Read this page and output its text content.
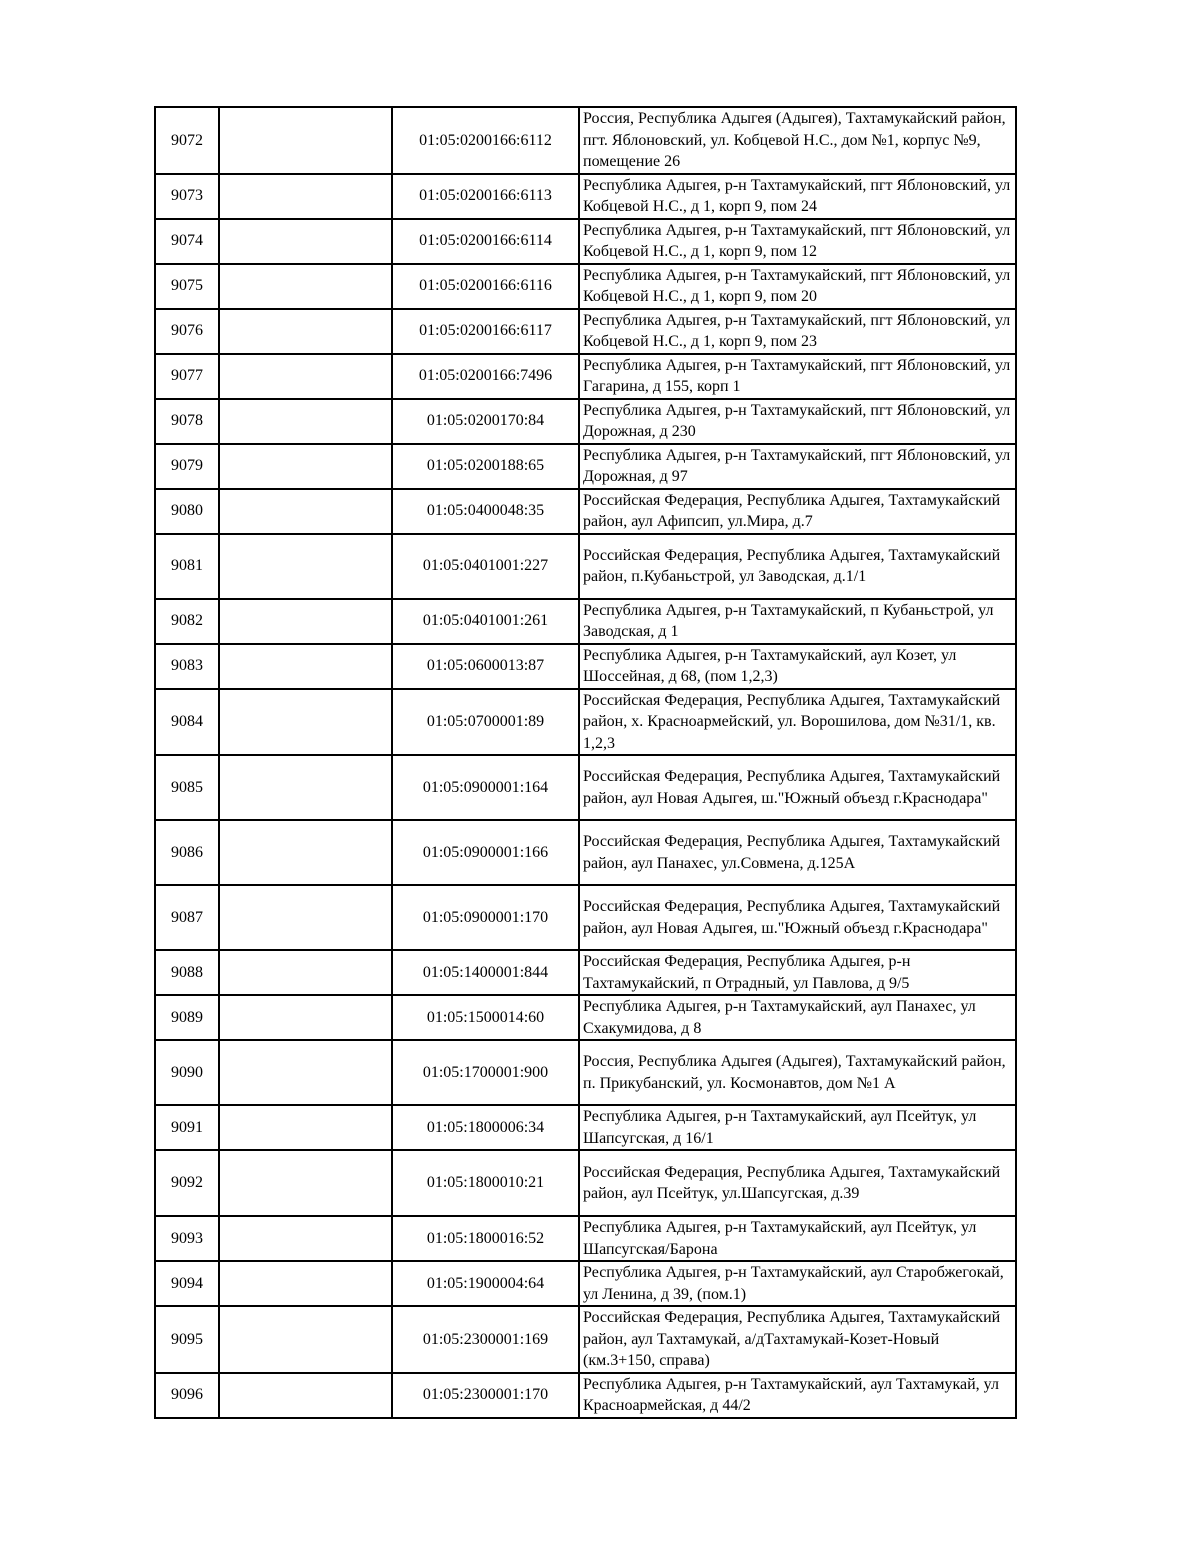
9072		01:05:0200166:6112	Россия, Республика Адыгея (Адыгея), Тахтамукайский район, пгт. Яблоновский, ул. Кобцевой Н.С., дом №1, корпус №9, помещение 26
9073		01:05:0200166:6113	Республика Адыгея, р-н Тахтамукайский, пгт Яблоновский, ул Кобцевой Н.С., д 1, корп 9, пом 24
9074		01:05:0200166:6114	Республика Адыгея, р-н Тахтамукайский, пгт Яблоновский, ул Кобцевой Н.С., д 1, корп 9, пом 12
9075		01:05:0200166:6116	Республика Адыгея, р-н Тахтамукайский, пгт Яблоновский, ул Кобцевой Н.С., д 1, корп 9, пом 20
9076		01:05:0200166:6117	Республика Адыгея, р-н Тахтамукайский, пгт Яблоновский, ул Кобцевой Н.С., д 1, корп 9, пом 23
9077		01:05:0200166:7496	Республика Адыгея, р-н Тахтамукайский, пгт Яблоновский, ул Гагарина, д 155, корп 1
9078		01:05:0200170:84	Республика Адыгея, р-н Тахтамукайский, пгт Яблоновский, ул Дорожная, д 230
9079		01:05:0200188:65	Республика Адыгея, р-н Тахтамукайский, пгт Яблоновский, ул Дорожная, д 97
9080		01:05:0400048:35	Российская Федерация, Республика Адыгея, Тахтамукайский район, аул Афипсип, ул.Мира, д.7
9081		01:05:0401001:227	Российская Федерация, Республика Адыгея, Тахтамукайский район, п.Кубаньстрой, ул Заводская, д.1/1
9082		01:05:0401001:261	Республика Адыгея, р-н Тахтамукайский, п Кубаньстрой, ул Заводская, д 1
9083		01:05:0600013:87	Республика Адыгея, р-н Тахтамукайский, аул Козет, ул Шоссейная, д 68, (пом 1,2,3)
9084		01:05:0700001:89	Российская Федерация, Республика Адыгея, Тахтамукайский район, х. Красноармейский, ул. Ворошилова, дом №31/1, кв. 1,2,3
9085		01:05:0900001:164	Российская Федерация, Республика Адыгея, Тахтамукайский район, аул Новая Адыгея, ш."Южный объезд г.Краснодара"
9086		01:05:0900001:166	Российская Федерация, Республика Адыгея, Тахтамукайский район, аул Панахес, ул.Совмена, д.125А
9087		01:05:0900001:170	Российская Федерация, Республика Адыгея, Тахтамукайский район, аул Новая Адыгея, ш."Южный объезд г.Краснодара"
9088		01:05:1400001:844	Российская Федерация, Республика Адыгея, р-н Тахтамукайский, п Отрадный, ул Павлова, д 9/5
9089		01:05:1500014:60	Республика Адыгея, р-н Тахтамукайский, аул Панахес, ул Схакумидова, д 8
9090		01:05:1700001:900	Россия, Республика Адыгея (Адыгея), Тахтамукайский район, п. Прикубанский, ул. Космонавтов, дом №1 А
9091		01:05:1800006:34	Республика Адыгея, р-н Тахтамукайский, аул Псейтук, ул Шапсугская, д 16/1
9092		01:05:1800010:21	Российская Федерация, Республика Адыгея, Тахтамукайский район, аул Псейтук, ул.Шапсугская, д.39
9093		01:05:1800016:52	Республика Адыгея, р-н Тахтамукайский, аул Псейтук, ул Шапсугская/Барона
9094		01:05:1900004:64	Республика Адыгея, р-н Тахтамукайский, аул Старобжегокай, ул Ленина, д 39, (пом.1)
9095		01:05:2300001:169	Российская Федерация, Республика Адыгея, Тахтамукайский район, аул Тахтамукай, а/дТахтамукай-Козет-Новый (км.3+150, справа)
9096		01:05:2300001:170	Республика Адыгея, р-н Тахтамукайский, аул Тахтамукай, ул Красноармейская, д 44/2
